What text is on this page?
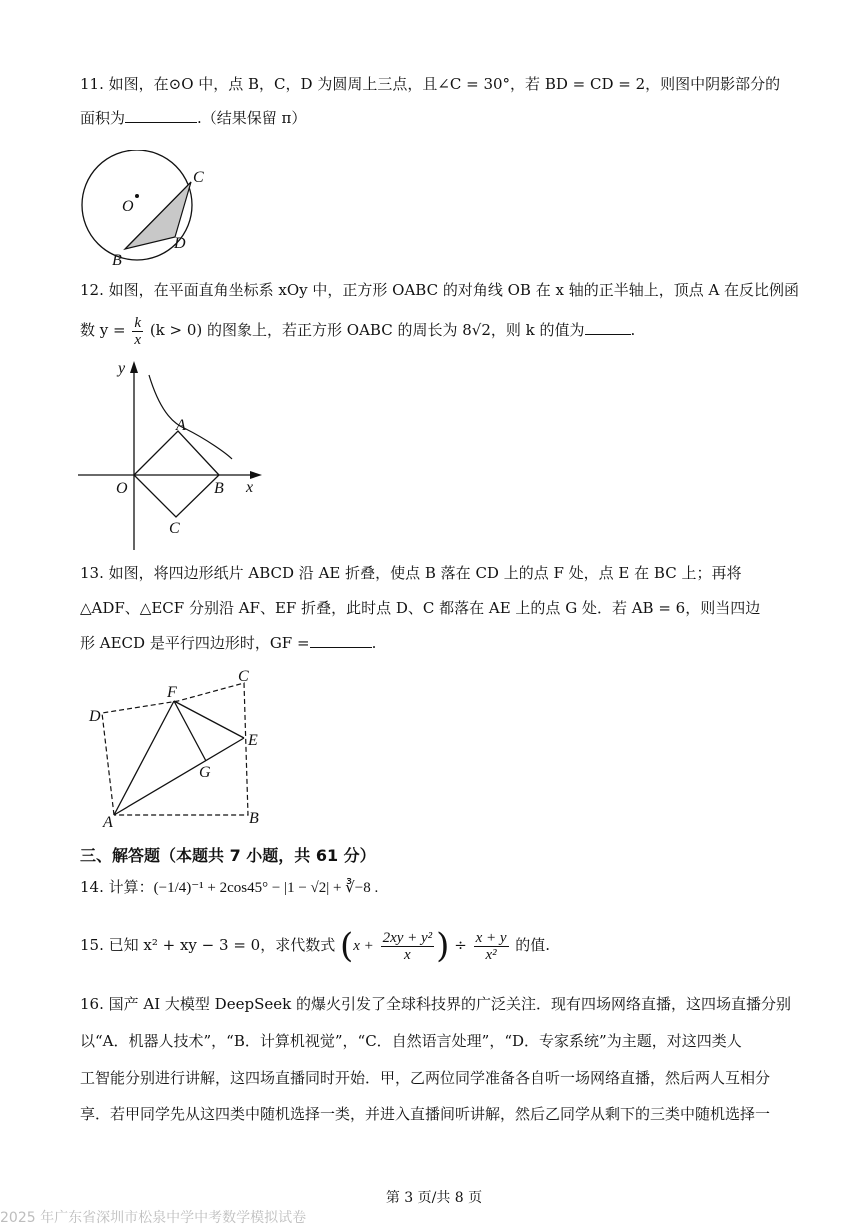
11. 如图，在⊙O 中，点 B，C，D 为圆周上三点，且∠C = 30°，若 BD = CD = 2，则图中阴影部分的
面积为	.（结果保留 π）
O
C
D
B
12. 如图，在平面直角坐标系 xOy 中，正方形 OABC 的对角线 OB 在 x 轴的正半轴上，顶点 A 在反比例函
数 $y = \frac{k}{x} (k > 0)$ 的图象上，若正方形 OABC 的周长为 8√2，则 k 的值为	.
y
x
O
A
B
C
13. 如图，将四边形纸片 ABCD 沿 AE 折叠，使点 B 落在 CD 上的点 F 处，点 E 在 BC 上；再将
△ADF、△ECF 分别沿 AF、EF 折叠，此时点 D、C 都落在 AE 上的点 G 处．若 AB = 6，则当四边
形 AECD 是平行四边形时，GF =	.
A	B
C
D
E
F
G
三、解答题（本题共 7 小题，共 61 分）
14. 计算：(−1/4)⁻¹ + 2cos45° − |1 − √2| + ∛−8 .
15. 已知 x² + xy − 3 = 0，求代数式 ($x + \frac{\text{2xy + y²}}{x}$ ) ÷ $\frac{x + y}{\text{x²}}$ 的值.
16. 国产 AI 大模型 DeepSeek 的爆火引发了全球科技界的广泛关注．现有四场网络直播，这四场直播分别
以“A．机器人技术”，“B．计算机视觉”，“C．自然语言处理”，“D．专家系统”为主题，对这四类人
工智能分别进行讲解，这四场直播同时开始．甲，乙两位同学准备各自听一场网络直播，然后两人互相分
享．若甲同学先从这四类中随机选择一类，并进入直播间听讲解，然后乙同学从剩下的三类中随机选择一
第 3 页/共 8 页
2025 年广东省深圳市松泉中学中考数学模拟试卷
